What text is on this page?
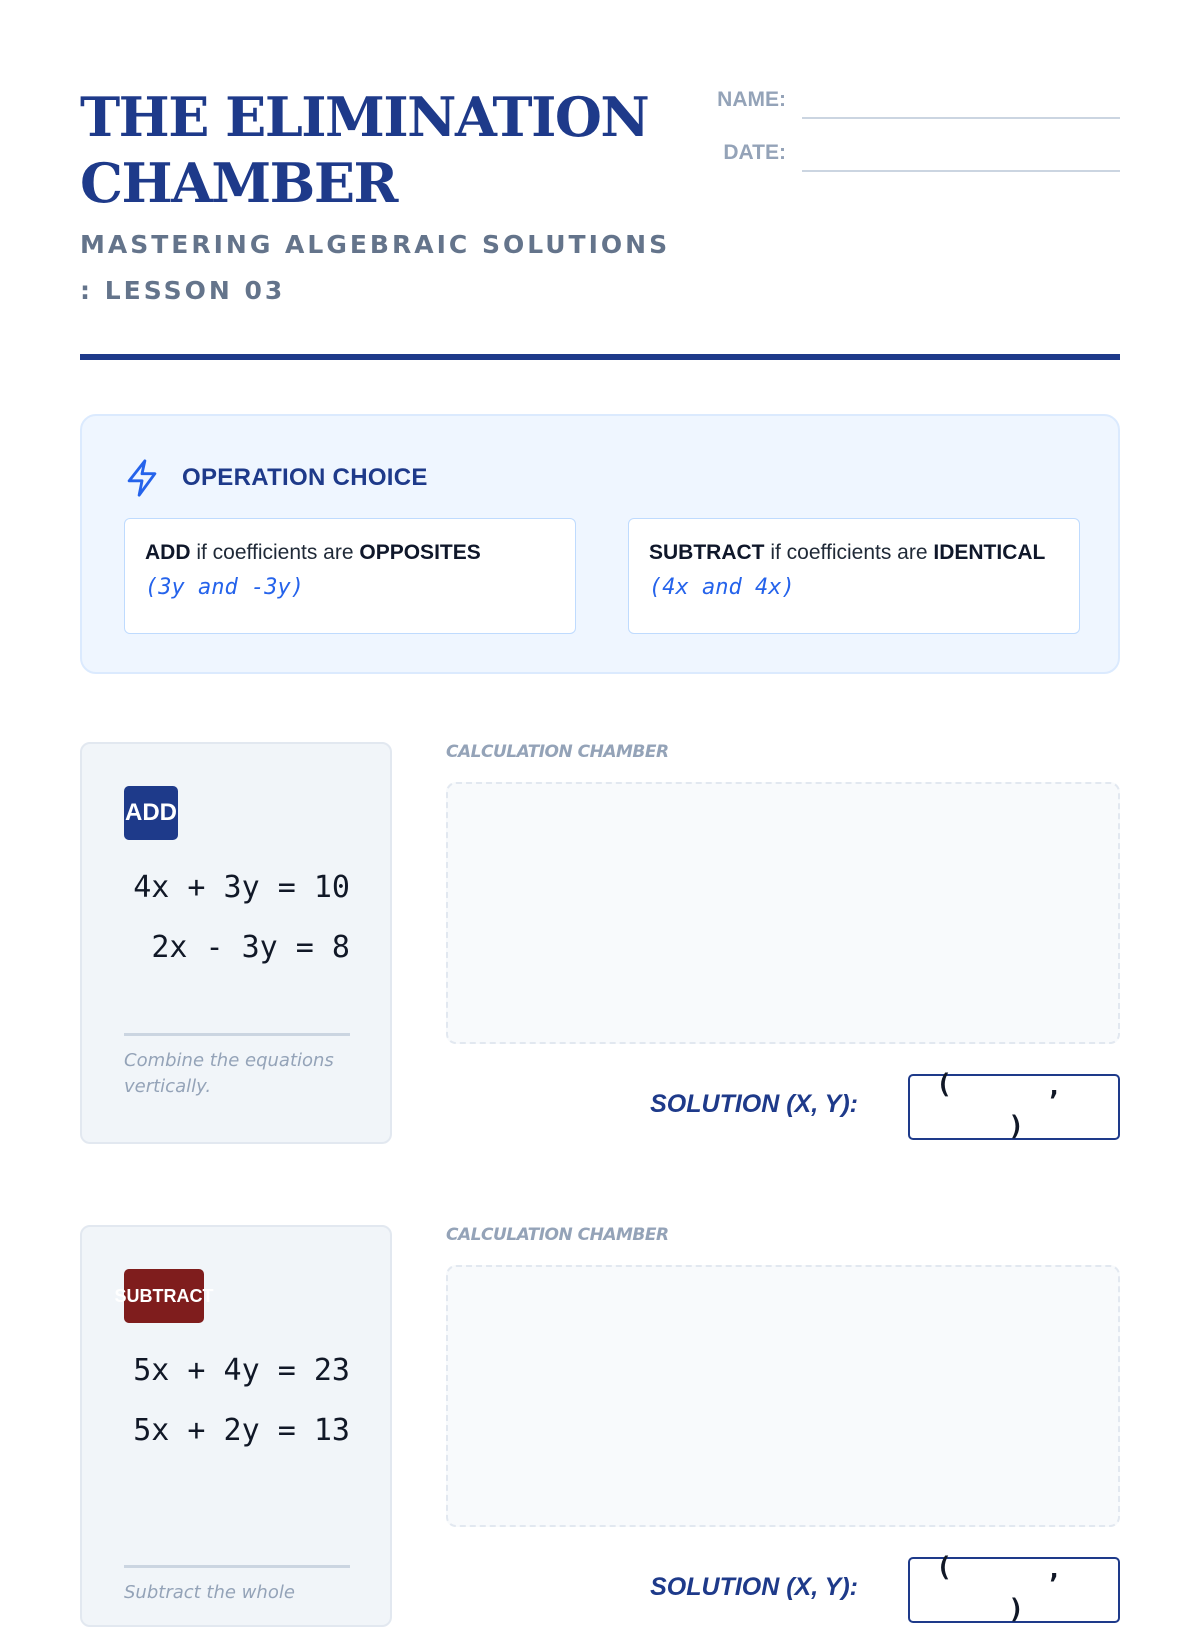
THE ELIMINATION CHAMBER
MASTERING ALGEBRAIC SOLUTIONS : LESSON 03
NAME:
DATE:
OPERATION CHOICE
ADD if coefficients are OPPOSITES
(3y and -3y)
SUBTRACT if coefficients are IDENTICAL
(4x and 4x)
ADD
4x + 3y = 10
2x - 3y = 8
Combine the equations vertically.
CALCULATION CHAMBER
SOLUTION (X, Y):
(	,
)
SUBTRACT
5x + 4y = 23
5x + 2y = 13
Subtract the whole
CALCULATION CHAMBER
SOLUTION (X, Y):
(	,
)
